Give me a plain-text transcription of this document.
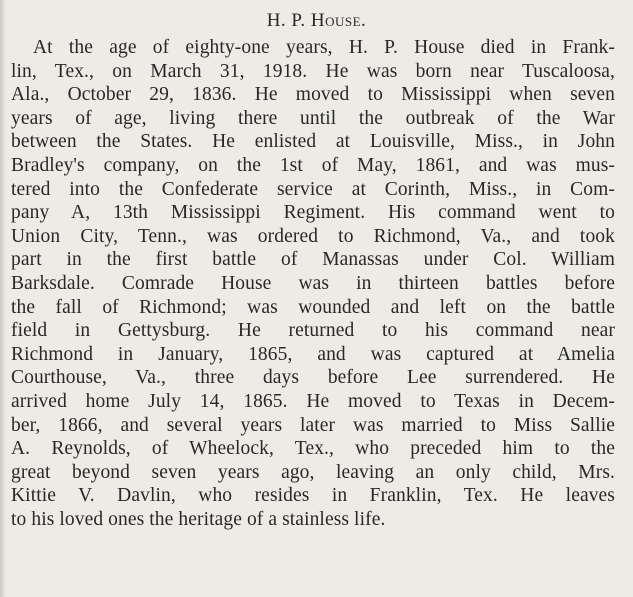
H. P. House.
At the age of eighty-one years, H. P. House died in Frank-
lin, Tex., on March 31, 1918. He was born near Tuscaloosa,
Ala., October 29, 1836. He moved to Mississippi when seven
years of age, living there until the outbreak of the War
between the States. He enlisted at Louisville, Miss., in John
Bradley's company, on the 1st of May, 1861, and was mus-
tered into the Confederate service at Corinth, Miss., in Com-
pany A, 13th Mississippi Regiment. His command went to
Union City, Tenn., was ordered to Richmond, Va., and took
part in the first battle of Manassas under Col. William
Barksdale. Comrade House was in thirteen battles before
the fall of Richmond; was wounded and left on the battle
field in Gettysburg. He returned to his command near
Richmond in January, 1865, and was captured at Amelia
Courthouse, Va., three days before Lee surrendered. He
arrived home July 14, 1865. He moved to Texas in Decem-
ber, 1866, and several years later was married to Miss Sallie
A. Reynolds, of Wheelock, Tex., who preceded him to the
great beyond seven years ago, leaving an only child, Mrs.
Kittie V. Davlin, who resides in Franklin, Tex. He leaves
to his loved ones the heritage of a stainless life.
